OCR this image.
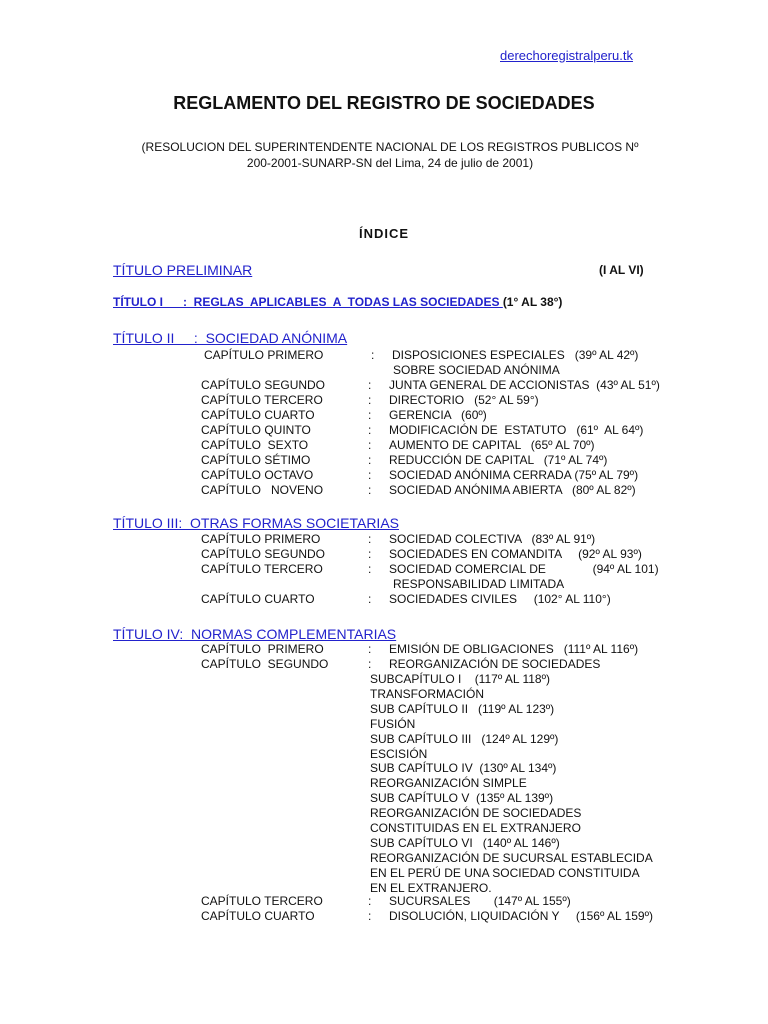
derechoregistralperu.tk
REGLAMENTO DEL REGISTRO DE SOCIEDADES
(RESOLUCION DEL SUPERINTENDENTE NACIONAL DE LOS REGISTROS PUBLICOS Nº
200-2001-SUNARP-SN del Lima, 24 de julio de 2001)
ÍNDICE
TÍTULO PRELIMINAR	(I AL VI)
TÍTULO I      :  REGLAS  APLICABLES  A  TODAS LAS SOCIEDADES (1° AL 38°)
TÍTULO II     :  SOCIEDAD ANÓNIMA
CAPÍTULO PRIMERO	: DISPOSICIONES ESPECIALES   (39º AL 42º)
SOBRE SOCIEDAD ANÓNIMA
CAPÍTULO SEGUNDO	: JUNTA GENERAL DE ACCIONISTAS  (43º AL 51º)
CAPÍTULO TERCERO	: DIRECTORIO   (52° AL 59°)
CAPÍTULO CUARTO	: GERENCIA   (60º)
CAPÍTULO QUINTO	: MODIFICACIÓN DE  ESTATUTO   (61º  AL 64º)
CAPÍTULO  SEXTO	: AUMENTO DE CAPITAL   (65º AL 70º)
CAPÍTULO SÉTIMO	: REDUCCIÓN DE CAPITAL   (71º AL 74º)
CAPÍTULO OCTAVO	: SOCIEDAD ANÓNIMA CERRADA (75º AL 79º)
CAPÍTULO   NOVENO	: SOCIEDAD ANÓNIMA ABIERTA   (80º AL 82º)
TÍTULO III:  OTRAS FORMAS SOCIETARIAS
CAPÍTULO PRIMERO	: SOCIEDAD COLECTIVA   (83º AL 91º)
CAPÍTULO SEGUNDO	: SOCIEDADES EN COMANDITA     (92º AL 93º)
CAPÍTULO TERCERO	: SOCIEDAD COMERCIAL DE              (94º AL 101)
RESPONSABILIDAD LIMITADA
CAPÍTULO CUARTO	: SOCIEDADES CIVILES     (102° AL 110°)
TÍTULO IV:  NORMAS COMPLEMENTARIAS
CAPÍTULO  PRIMERO	: EMISIÓN DE OBLIGACIONES   (111º AL 116º)
CAPÍTULO  SEGUNDO	: REORGANIZACIÓN DE SOCIEDADES
SUBCAPÍTULO I    (117º AL 118º)
TRANSFORMACIÓN
SUB CAPÍTULO II   (119º AL 123º)
FUSIÓN
SUB CAPÍTULO III   (124º AL 129º)
ESCISIÓN
SUB CAPÍTULO IV  (130º AL 134º)
REORGANIZACIÓN SIMPLE
SUB CAPÍTULO V  (135º AL 139º)
REORGANIZACIÓN DE SOCIEDADES
CONSTITUIDAS EN EL EXTRANJERO
SUB CAPÍTULO VI   (140º AL 146º)
REORGANIZACIÓN DE SUCURSAL ESTABLECIDA
EN EL PERÚ DE UNA SOCIEDAD CONSTITUIDA
EN EL EXTRANJERO.
CAPÍTULO TERCERO	: SUCURSALES       (147º AL 155º)
CAPÍTULO CUARTO	: DISOLUCIÓN, LIQUIDACIÓN Y     (156º AL 159º)
